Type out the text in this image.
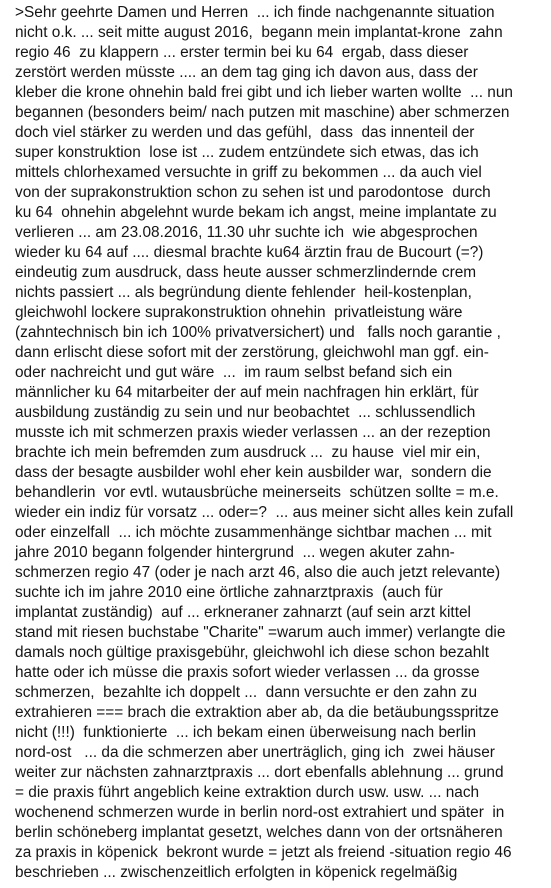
>Sehr geehrte Damen und Herren  ... ich finde nachgenannte situation
nicht o.k. ... seit mitte august 2016,  begann mein implantat-krone  zahn
regio 46  zu klappern ... erster termin bei ku 64  ergab, dass dieser
zerstört werden müsste .... an dem tag ging ich davon aus, dass der
kleber die krone ohnehin bald frei gibt und ich lieber warten wollte  ... nun
begannen (besonders beim/ nach putzen mit maschine) aber schmerzen
doch viel stärker zu werden und das gefühl,  dass  das innenteil der
super konstruktion  lose ist ... zudem entzündete sich etwas, das ich
mittels chlorhexamed versuchte in griff zu bekommen ... da auch viel
von der suprakonstruktion schon zu sehen ist und parodontose  durch
ku 64  ohnehin abgelehnt wurde bekam ich angst, meine implantate zu
verlieren ... am 23.08.2016, 11.30 uhr suchte ich  wie abgesprochen
wieder ku 64 auf .... diesmal brachte ku64 ärztin frau de Bucourt (=?)
eindeutig zum ausdruck, dass heute ausser schmerzlindernde crem
nichts passiert ... als begründung diente fehlender  heil-kostenplan,
gleichwohl lockere suprakonstruktion ohnehin  privatleistung wäre
(zahntechnisch bin ich 100% privatversichert) und   falls noch garantie ,
dann erlischt diese sofort mit der zerstörung, gleichwohl man ggf. ein-
oder nachreicht und gut wäre  ...  im raum selbst befand sich ein
männlicher ku 64 mitarbeiter der auf mein nachfragen hin erklärt, für
ausbildung zuständig zu sein und nur beobachtet  ... schlussendlich
musste ich mit schmerzen praxis wieder verlassen ... an der rezeption
brachte ich mein befremden zum ausdruck ...  zu hause  viel mir ein,
dass der besagte ausbilder wohl eher kein ausbilder war,  sondern die
behandlerin  vor evtl. wutausbrüche meinerseits  schützen sollte = m.e.
wieder ein indiz für vorsatz ... oder=?  ... aus meiner sicht alles kein zufall
oder einzelfall  ... ich möchte zusammenhänge sichtbar machen ... mit
jahre 2010 begann folgender hintergrund  ... wegen akuter zahn-
schmerzen regio 47 (oder je nach arzt 46, also die auch jetzt relevante)
suchte ich im jahre 2010 eine örtliche zahnarztpraxis  (auch für
implantat zuständig)  auf ... erkneraner zahnarzt (auf sein arzt kittel
stand mit riesen buchstabe "Charite" =warum auch immer) verlangte die
damals noch gültige praxisgebühr, gleichwohl ich diese schon bezahlt
hatte oder ich müsse die praxis sofort wieder verlassen ... da grosse
schmerzen,  bezahlte ich doppelt ...  dann versuchte er den zahn zu
extrahieren === brach die extraktion aber ab, da die betäubungsspritze
nicht (!!!)  funktionierte  ... ich bekam einen überweisung nach berlin
nord-ost   ... da die schmerzen aber unerträglich, ging ich  zwei häuser
weiter zur nächsten zahnarztpraxis ... dort ebenfalls ablehnung ... grund
= die praxis führt angeblich keine extraktion durch usw. usw. ... nach
wochenend schmerzen wurde in berlin nord-ost extrahiert und später  in
berlin schöneberg implantat gesetzt, welches dann von der ortsnäheren
za praxis in köpenick  bekront wurde = jetzt als freiend -situation regio 46
beschrieben ... zwischenzeitlich erfolgten in köpenick regelmäßig
